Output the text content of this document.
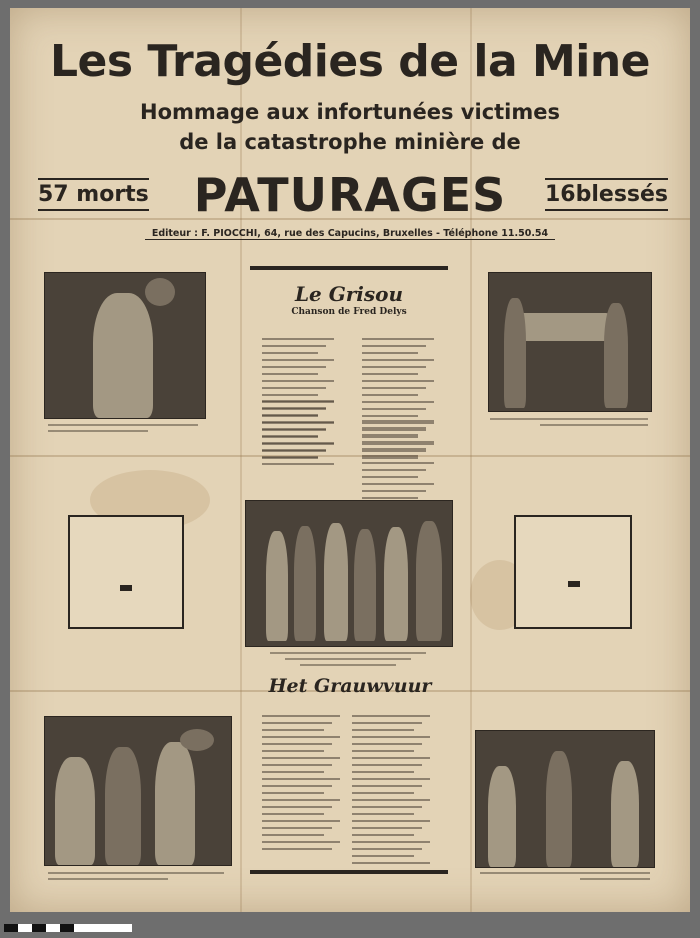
Les Tragédies de la Mine
Hommage aux infortunées victimes
de la catastrophe minière de
PATURAGES
57 morts	16blessés
Editeur : F. PIOCCHI, 64, rue des Capucins, Bruxelles - Téléphone 11.50.54
Le Grisou
Chanson de Fred Delys
Het Grauwvuur
